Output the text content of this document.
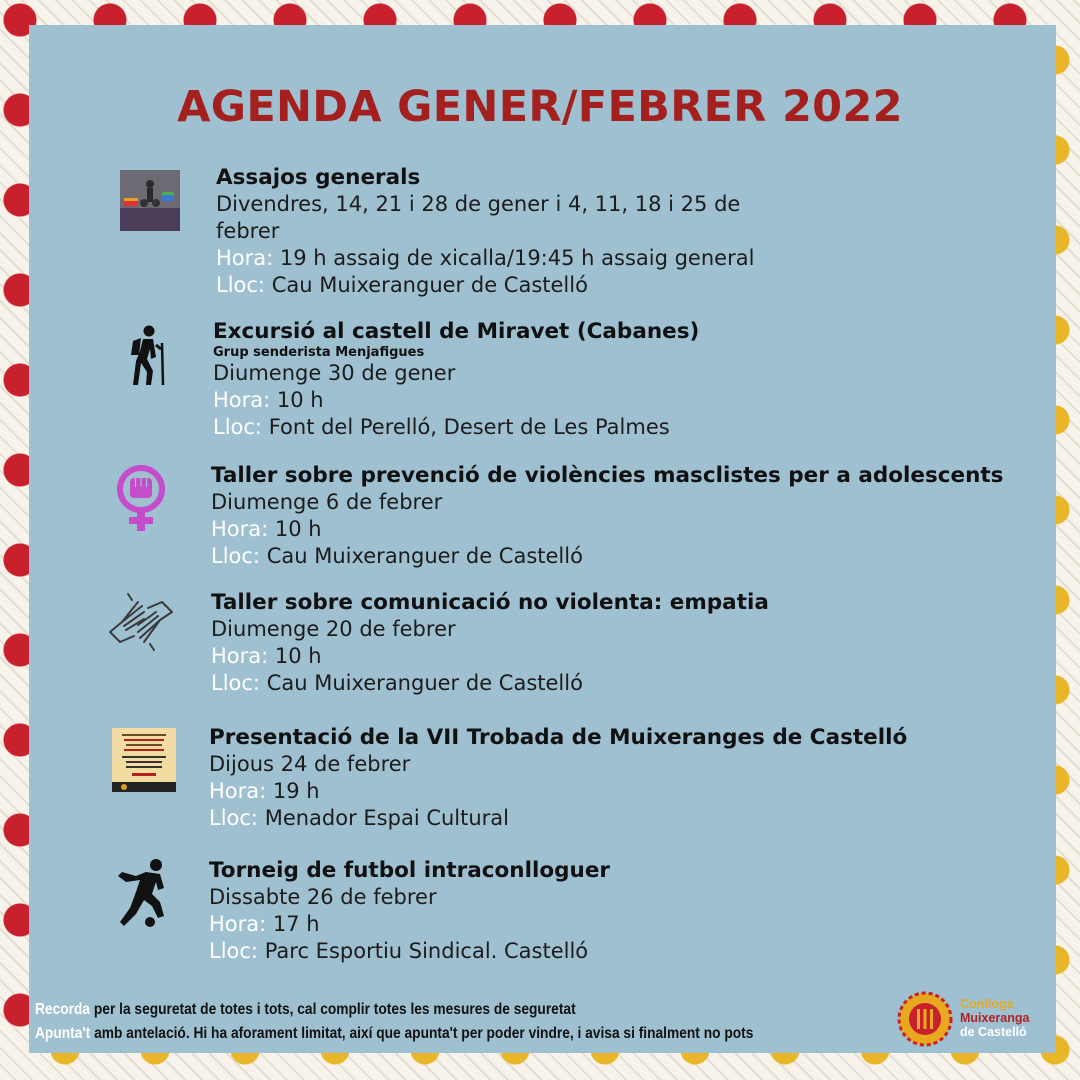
AGENDA GENER/FEBRER 2022
Assajos generals
Divendres, 14, 21 i 28 de gener i 4, 11, 18 i 25 de
febrer
Hora: 19 h assaig de xicalla/19:45 h assaig general
Lloc: Cau Muixeranguer de Castelló
Excursió al castell de Miravet (Cabanes)
Grup senderista Menjafigues
Diumenge 30 de gener
Hora: 10 h
Lloc: Font del Perelló, Desert de Les Palmes
Taller sobre prevenció de violències masclistes per a adolescents
Diumenge 6 de febrer
Hora: 10 h
Lloc: Cau Muixeranguer de Castelló
Taller sobre comunicació no violenta: empatia
Diumenge 20 de febrer
Hora: 10 h
Lloc: Cau Muixeranguer de Castelló
Presentació de la VII Trobada de Muixeranges de Castelló
Dijous 24 de febrer
Hora: 19 h
Lloc: Menador Espai Cultural
Torneig de futbol intraconlloguer
Dissabte 26 de febrer
Hora: 17 h
Lloc: Parc Esportiu Sindical. Castelló
Recorda per la seguretat de totes i tots, cal complir totes les mesures de seguretat
Apunta't amb antelació. Hi ha aforament limitat, així que apunta't per poder vindre, i avisa si finalment no pots
Conlloga
Muixeranga
de Castelló
